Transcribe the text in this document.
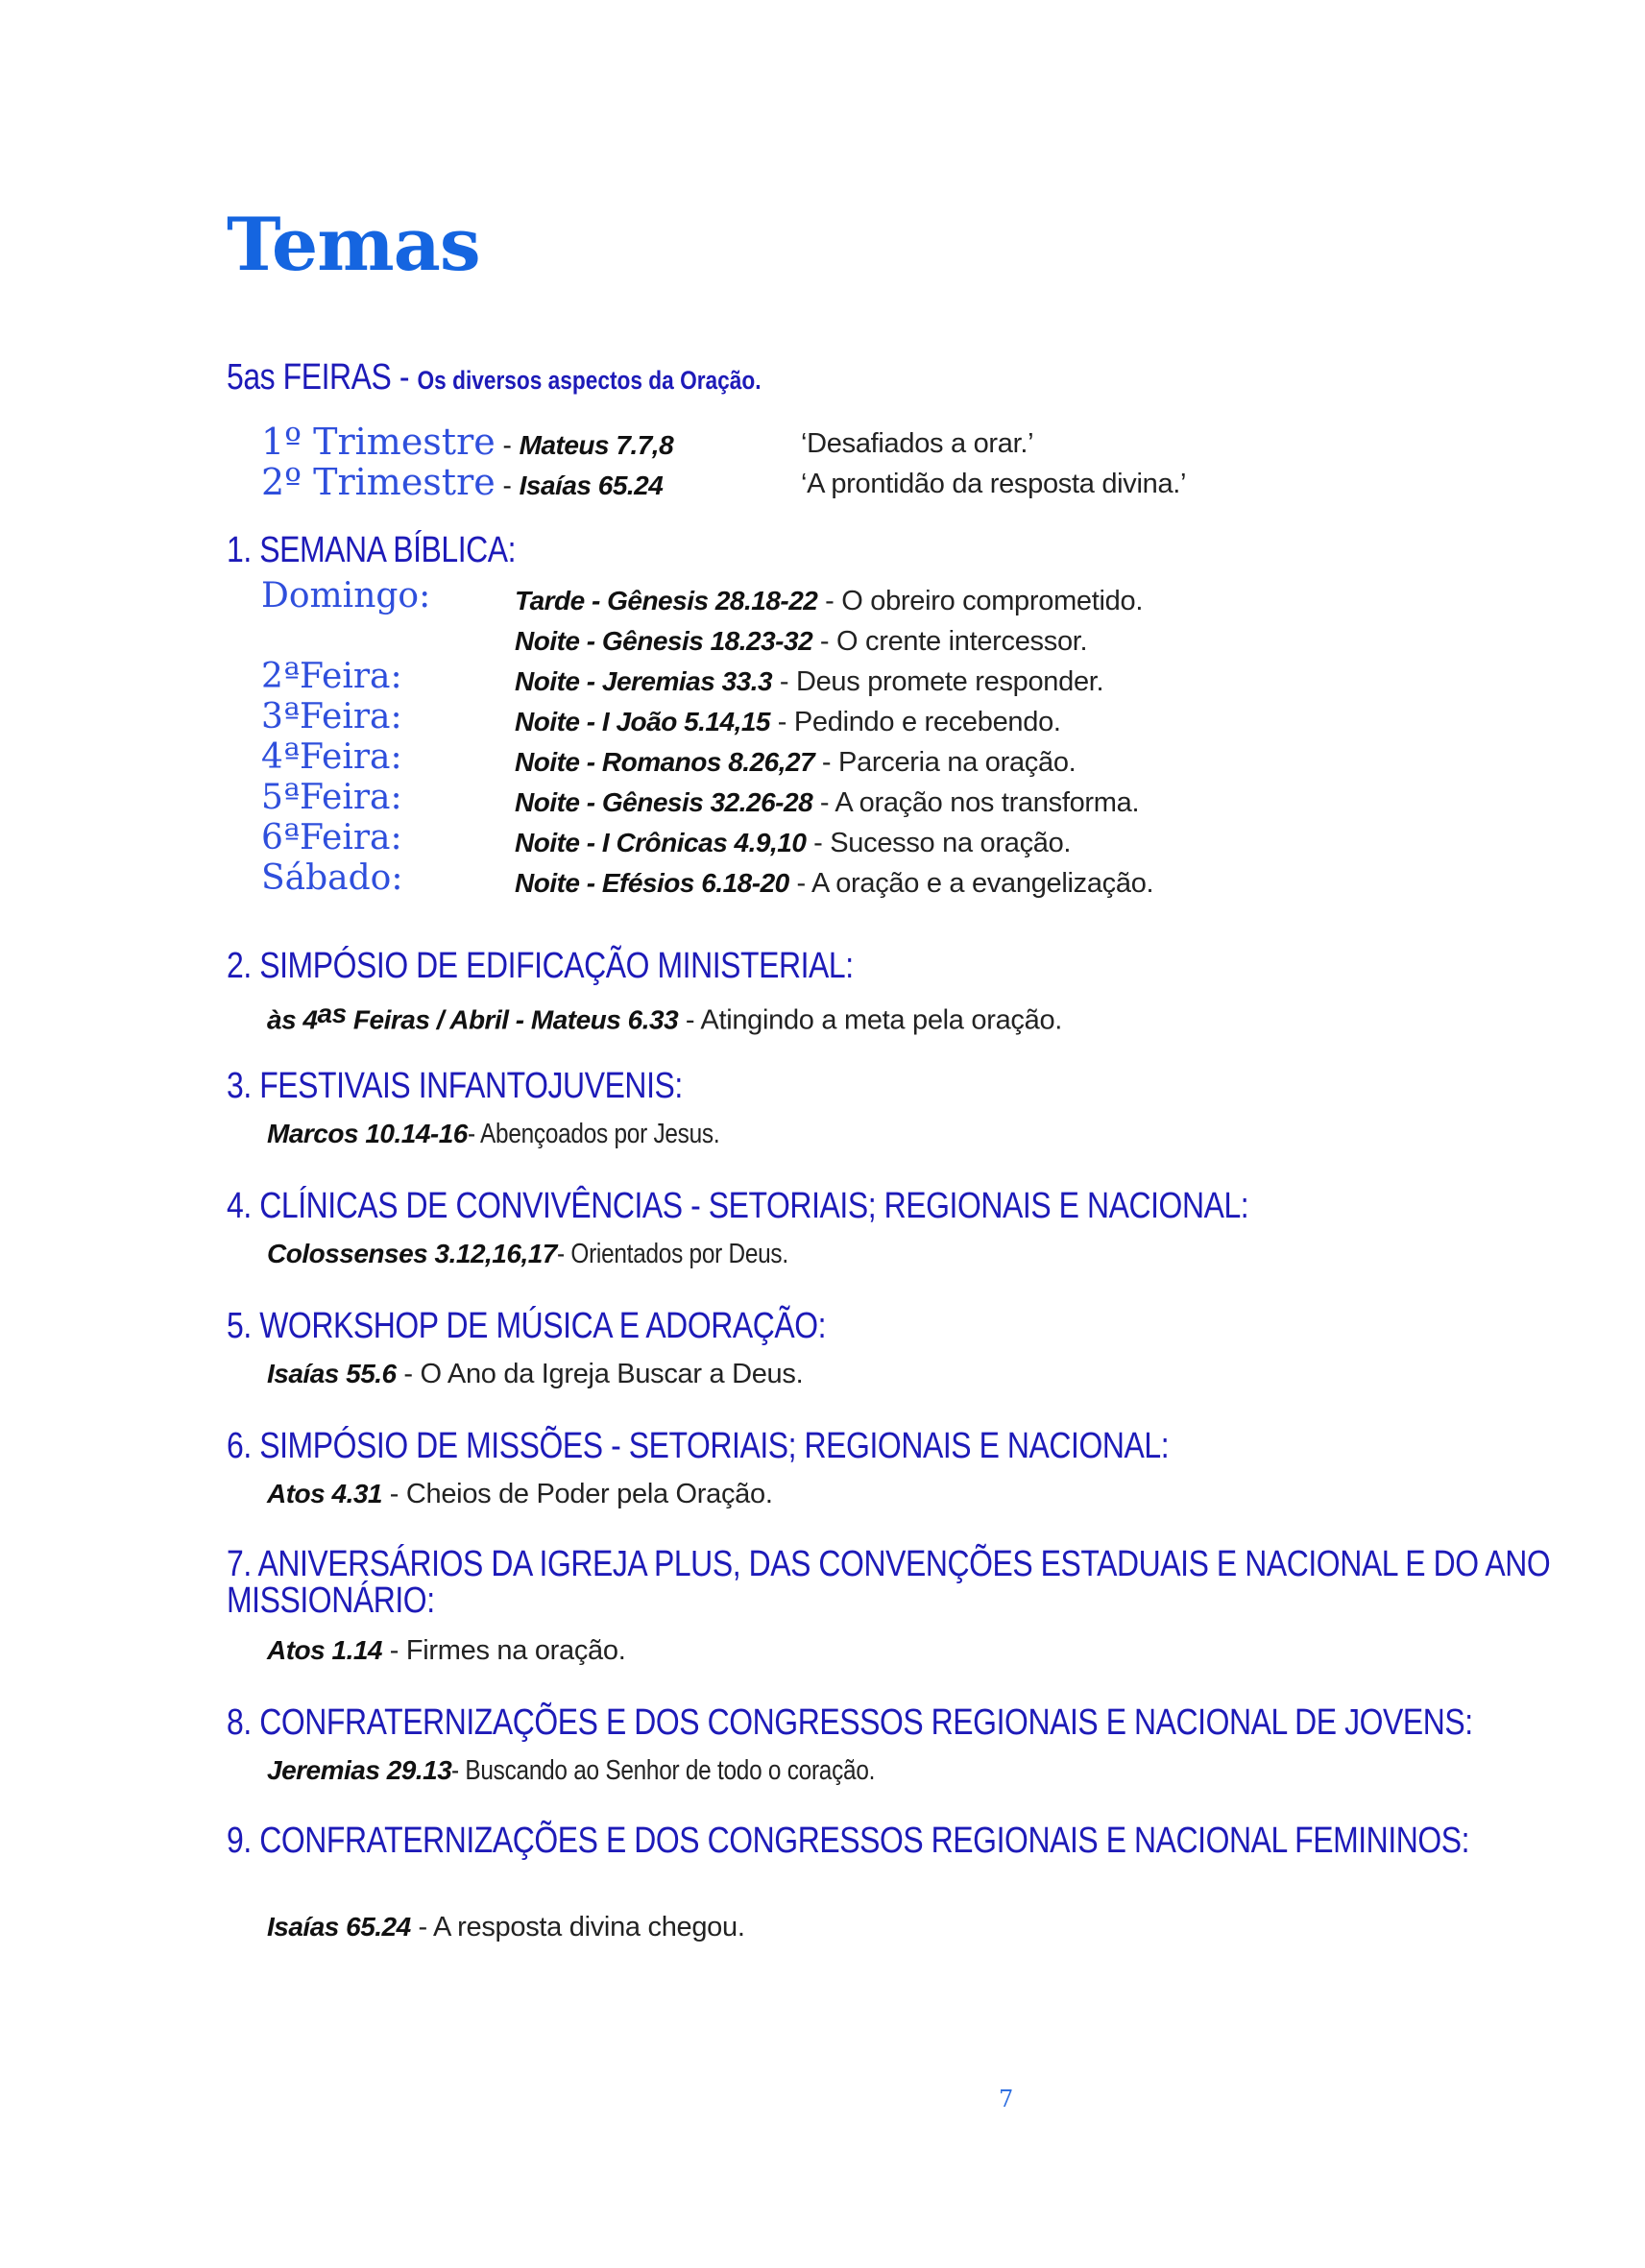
Temas
5as FEIRAS - Os diversos aspectos da Oração.
1º Trimestre - Mateus 7.7,8	‘Desafiados a orar.’
2º Trimestre - Isaías 65.24	‘A prontidão da resposta divina.’
1. SEMANA BÍBLICA:
Domingo:	Tarde - Gênesis 28.18-22 - O obreiro comprometido.
Noite - Gênesis 18.23-32 - O crente intercessor.
2ªFeira:	Noite - Jeremias 33.3 - Deus promete responder.
3ªFeira:	Noite - I João 5.14,15 - Pedindo e recebendo.
4ªFeira:	Noite - Romanos 8.26,27 - Parceria na oração.
5ªFeira:	Noite - Gênesis 32.26-28 - A oração nos transforma.
6ªFeira:	Noite - I Crônicas 4.9,10 - Sucesso na oração.
Sábado:	Noite - Efésios 6.18-20 - A oração e a evangelização.
2. SIMPÓSIO DE EDIFICAÇÃO MINISTERIAL:
às 4$^{as}$ Feiras / Abril - Mateus 6.33 - Atingindo a meta pela oração.
3. FESTIVAIS INFANTOJUVENIS:
Marcos 10.14-16- Abençoados por Jesus.
4. CLÍNICAS DE CONVIVÊNCIAS - SETORIAIS; REGIONAIS E NACIONAL:
Colossenses 3.12,16,17- Orientados por Deus.
5. WORKSHOP DE MÚSICA E ADORAÇÃO:
Isaías 55.6 - O Ano da Igreja Buscar a Deus.
6. SIMPÓSIO DE MISSÕES - SETORIAIS; REGIONAIS E NACIONAL:
Atos 4.31 - Cheios de Poder pela Oração.
7. ANIVERSÁRIOS DA IGREJA PLUS, DAS CONVENÇÕES ESTADUAIS E NACIONAL E DO ANO MISSIONÁRIO:
Atos 1.14 - Firmes na oração.
8. CONFRATERNIZAÇÕES E DOS CONGRESSOS REGIONAIS E NACIONAL DE JOVENS:
Jeremias 29.13- Buscando ao Senhor de todo o coração.
9. CONFRATERNIZAÇÕES E DOS CONGRESSOS REGIONAIS E NACIONAL FEMININOS:
Isaías 65.24 - A resposta divina chegou.
7
